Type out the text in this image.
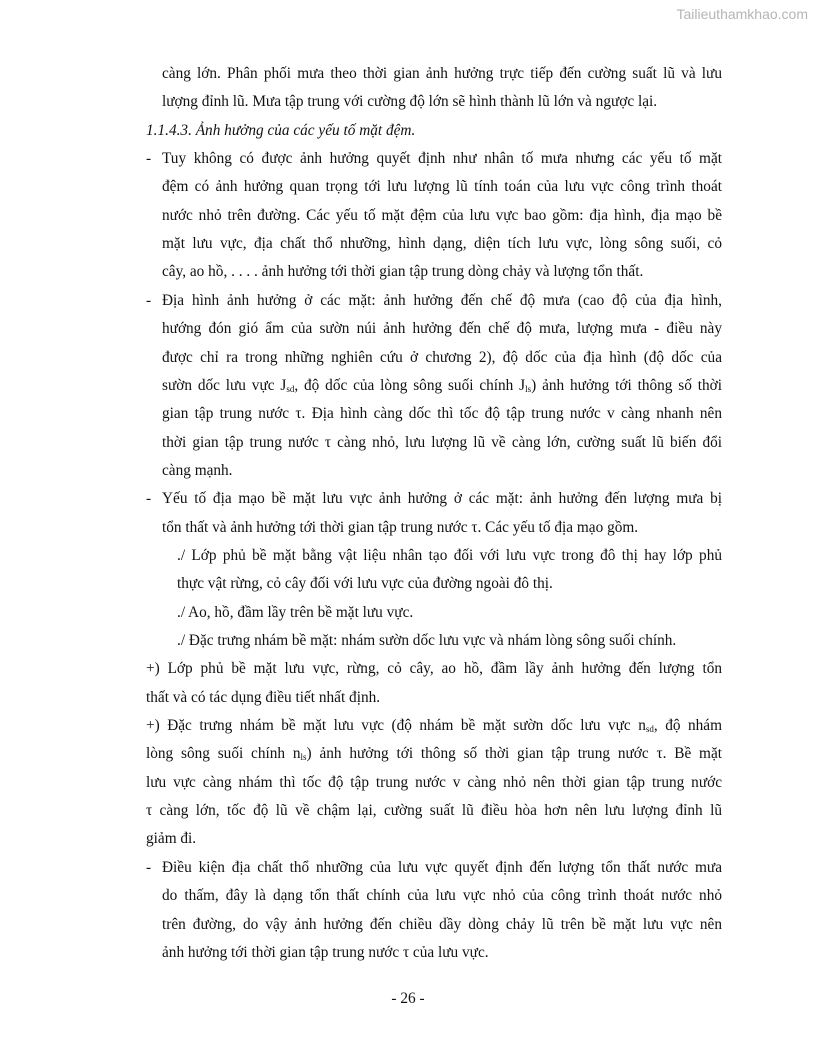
Tailieuthamkhao.com
càng lớn. Phân phối mưa theo thời gian ảnh hưởng trực tiếp đến cường suất lũ và lưu
lượng đỉnh lũ. Mưa tập trung với cường độ lớn sẽ hình thành lũ lớn và ngược lại.
1.1.4.3. Ảnh hưởng của các yếu tố mặt đệm.
- Tuy không có được ảnh hưởng quyết định như nhân tố mưa nhưng các yếu tố mặt
đệm có ảnh hưởng quan trọng tới lưu lượng lũ tính toán của lưu vực công trình thoát
nước nhỏ trên đường. Các yếu tố mặt đệm của lưu vực bao gồm: địa hình, địa mạo bề
mặt lưu vực, địa chất thổ nhưỡng, hình dạng, diện tích lưu vực, lòng sông suối, cỏ
cây, ao hồ, . . . . ảnh hưởng tới thời gian tập trung dòng chảy và lượng tổn thất.
- Địa hình ảnh hưởng ở các mặt: ảnh hưởng đến chế độ mưa (cao độ của địa hình,
hướng đón gió ẩm của sườn núi ảnh hưởng đến chế độ mưa, lượng mưa - điều này
được chỉ ra trong những nghiên cứu ở chương 2), độ dốc của địa hình (độ dốc của
sườn dốc lưu vực $J_{sd}$, độ dốc của lòng sông suối chính $J_{ls}$) ảnh hưởng tới thông số thời
gian tập trung nước τ. Địa hình càng dốc thì tốc độ tập trung nước v càng nhanh nên
thời gian tập trung nước τ càng nhỏ, lưu lượng lũ về càng lớn, cường suất lũ biến đổi
càng mạnh.
- Yếu tố địa mạo bề mặt lưu vực ảnh hưởng ở các mặt: ảnh hưởng đến lượng mưa bị
tổn thất và ảnh hưởng tới thời gian tập trung nước τ. Các yếu tố địa mạo gồm.
./ Lớp phủ bề mặt bằng vật liệu nhân tạo đối với lưu vực trong đô thị hay lớp phủ
thực vật rừng, cỏ cây đối với lưu vực của đường ngoài đô thị.
./ Ao, hồ, đầm lầy trên bề mặt lưu vực.
./ Đặc trưng nhám bề mặt: nhám sườn dốc lưu vực và nhám lòng sông suối chính.
+) Lớp phủ bề mặt lưu vực, rừng, cỏ cây, ao hồ, đầm lầy ảnh hưởng đến lượng tổn
thất và có tác dụng điều tiết nhất định.
+) Đặc trưng nhám bề mặt lưu vực (độ nhám bề mặt sườn dốc lưu vực $n_{sd}$, độ nhám
lòng sông suối chính $n_{ls}$) ảnh hưởng tới thông số thời gian tập trung nước τ. Bề mặt
lưu vực càng nhám thì tốc độ tập trung nước v càng nhỏ nên thời gian tập trung nước
τ càng lớn, tốc độ lũ về chậm lại, cường suất lũ điều hòa hơn nên lưu lượng đỉnh lũ
giảm đi.
- Điều kiện địa chất thổ nhưỡng của lưu vực quyết định đến lượng tổn thất nước mưa
do thấm, đây là dạng tổn thất chính của lưu vực nhỏ của công trình thoát nước nhỏ
trên đường, do vậy ảnh hưởng đến chiều dầy dòng chảy lũ trên bề mặt lưu vực nên
ảnh hưởng tới thời gian tập trung nước τ của lưu vực.
- 26 -
